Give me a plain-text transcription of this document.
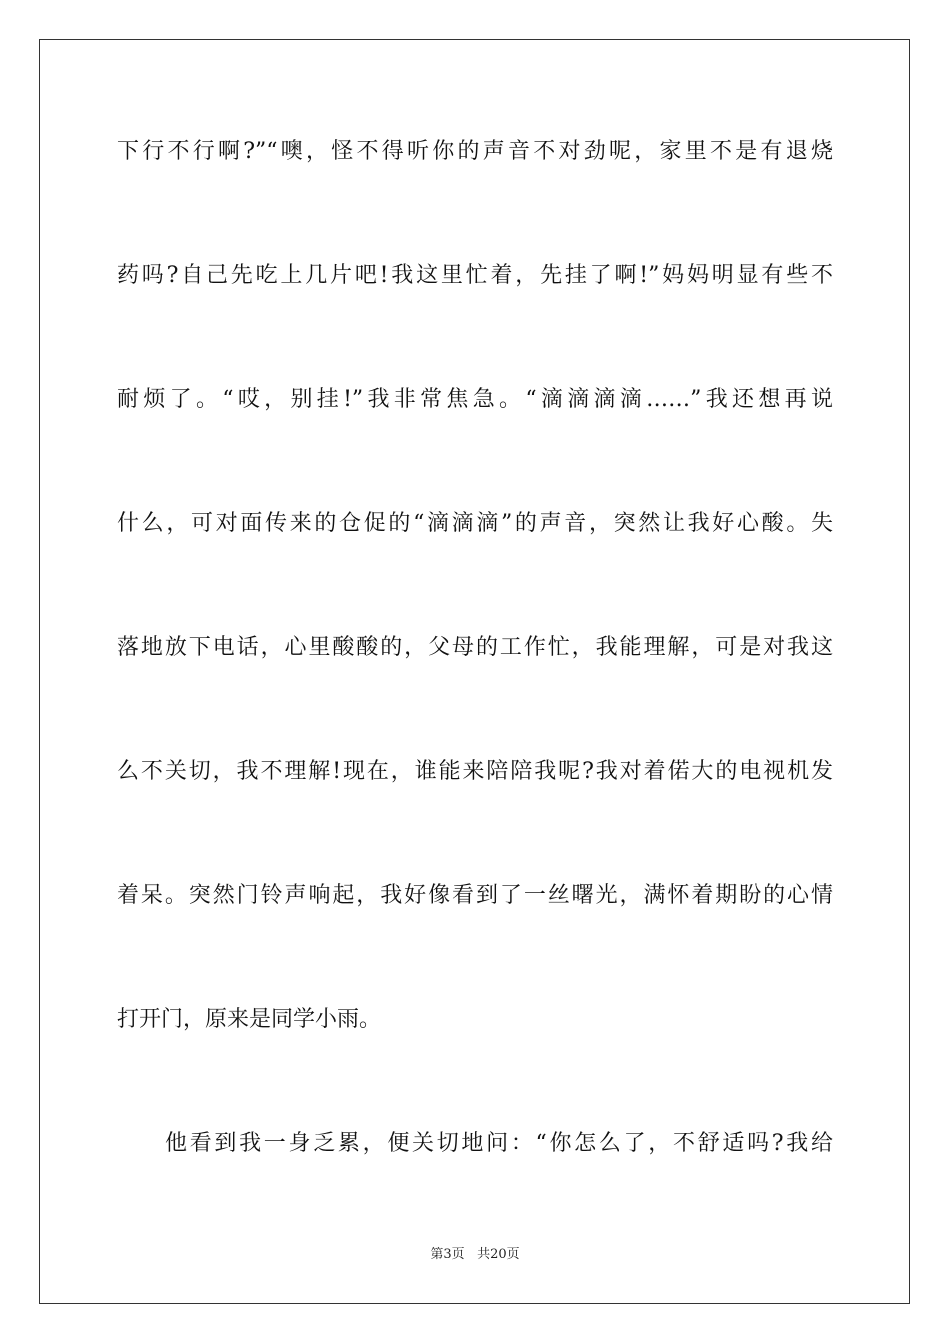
下行不行啊?”“噢，怪不得听你的声音不对劲呢，家里不是有退烧
药吗?自己先吃上几片吧!我这里忙着，先挂了啊!”妈妈明显有些不
耐烦了。“哎，别挂!”我非常焦急。“滴滴滴滴……”我还想再说
什么，可对面传来的仓促的“滴滴滴”的声音，突然让我好心酸。失
落地放下电话，心里酸酸的，父母的工作忙，我能理解，可是对我这
么不关切，我不理解!现在，谁能来陪陪我呢?我对着偌大的电视机发
着呆。突然门铃声响起，我好像看到了一丝曙光，满怀着期盼的心情
打开门，原来是同学小雨。
他看到我一身乏累，便关切地问：“你怎么了，不舒适吗?我给
第3页 共20页
